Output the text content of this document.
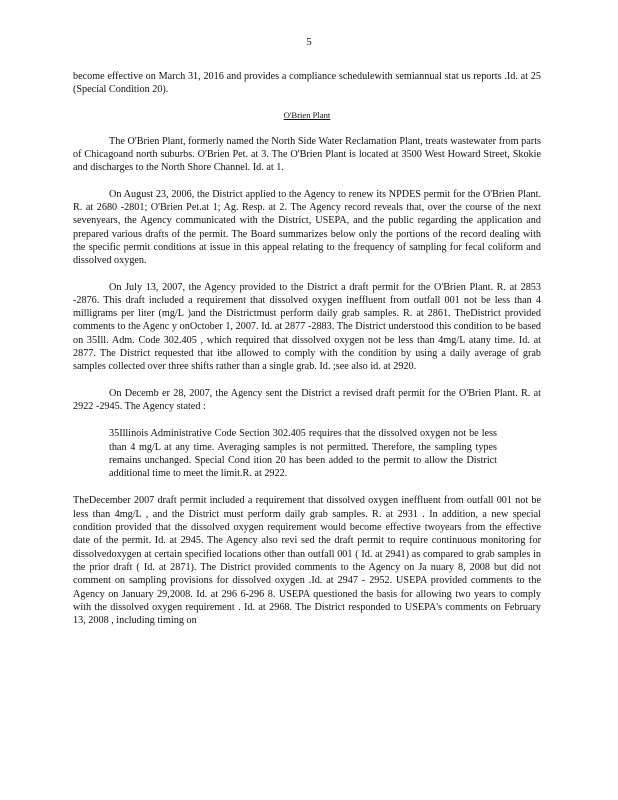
5

become effective on March 31, 2016 and provides a compliance schedulewith semiannual stat us reports .Id. at 25 (Special Condition 20).

O'Brien Plant

The O'Brien Plant, formerly named the North Side Water Reclamation Plant, treats wastewater from parts of Chicagoand north suburbs. O'Brien Pet. at 3. The O'Brien Plant is located at 3500 West Howard Street, Skokie and discharges to the North Shore Channel. Id. at 1.

On August 23, 2006, the District applied to the Agency to renew its NPDES permit for the O'Brien Plant. R. at 2680 -2801; O'Brien Pet.at 1; Ag. Resp. at 2. The Agency record reveals that, over the course of the next sevenyears, the Agency communicated with the District, USEPA, and the public regarding the application and prepared various drafts of the permit. The Board summarizes below only the portions of the record dealing with the specific permit conditions at issue in this appeal relating to the frequency of sampling for fecal coliform and dissolved oxygen.

On July 13, 2007, the Agency provided to the District a draft permit for the O'Brien Plant. R. at 2853 -2876. This draft included a requirement that dissolved oxygen ineffluent from outfall 001 not be less than 4 milligrams per liter (mg/L )and the Districtmust perform daily grab samples. R. at 2861. TheDistrict provided comments to the Agenc y onOctober 1, 2007. Id. at 2877 -2883. The District understood this condition to be based on 35Ill. Adm. Code 302.405 , which required that dissolved oxygen not be less than 4mg/L atany time. Id. at 2877. The District requested that itbe allowed to comply with the condition by using a daily average of grab samples collected over three shifts rather than a single grab. Id. ;see also id. at 2920.

On Decemb er 28, 2007, the Agency sent the District a revised draft permit for the O'Brien Plant. R. at 2922 -2945. The Agency stated :

35Illinois Administrative Code Section 302.405 requires that the dissolved oxygen not be less than 4 mg/L at any time. Averaging samples is not permitted. Therefore, the sampling types remains unchanged. Special Cond ition 20 has been added to the permit to allow the District additional time to meet the limit.R. at 2922.

TheDecember 2007 draft permit included a requirement that dissolved oxygen ineffluent from outfall 001 not be less than 4mg/L , and the District must perform daily grab samples. R. at 2931 . In addition, a new special condition provided that the dissolved oxygen requirement would become effective twoyears from the effective date of the permit. Id. at 2945. The Agency also revi sed the draft permit to require continuous monitoring for dissolvedoxygen at certain specified locations other than outfall 001 ( Id. at 2941) as compared to grab samples in the prior draft ( Id. at 2871). The District provided comments to the Agency on Ja nuary 8, 2008 but did not comment on sampling provisions for dissolved oxygen .Id. at 2947 - 2952. USEPA provided comments to the Agency on January 29,2008. Id. at 296 6-296 8. USEPA questioned the basis for allowing two years to comply with the dissolved oxygen requirement . Id. at 2968. The District responded to USEPA's comments on February 13, 2008 , including timing on
